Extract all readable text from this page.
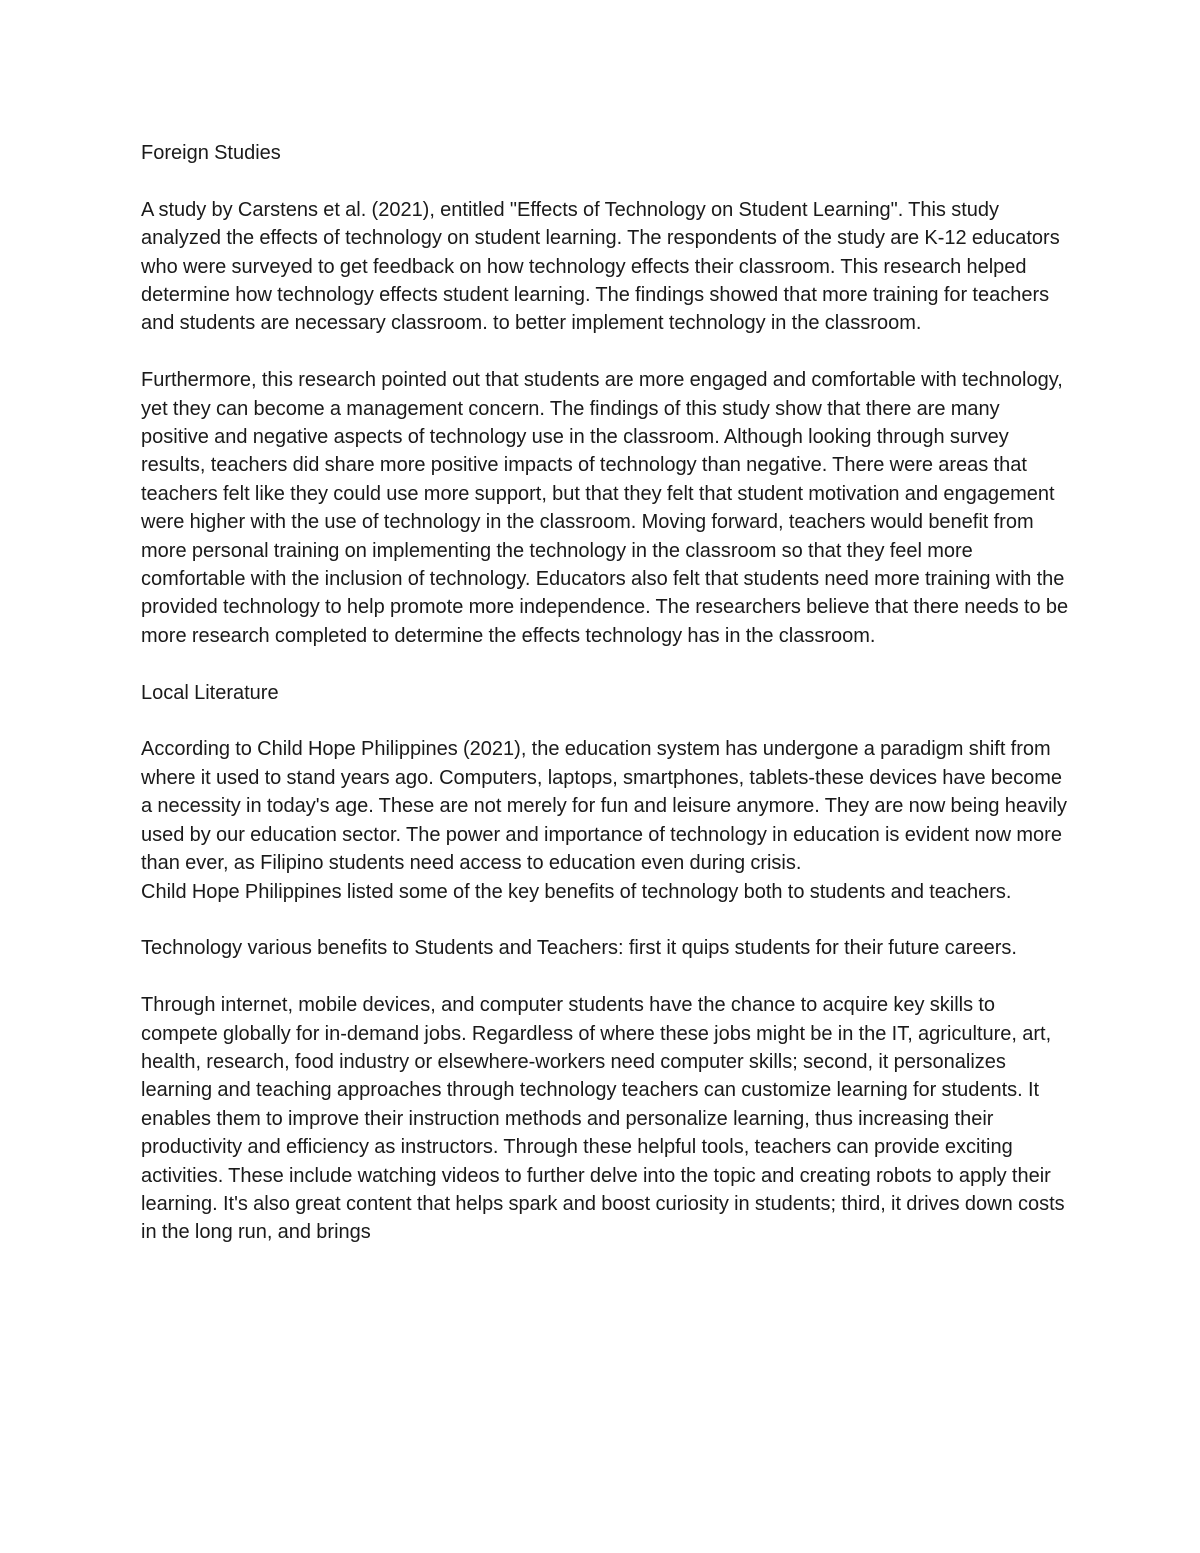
Foreign Studies

A study by Carstens et al. (2021), entitled "Effects of Technology on Student Learning". This study analyzed the effects of technology on student learning. The respondents of the study are K-12 educators who were surveyed to get feedback on how technology effects their classroom. This research helped determine how technology effects student learning. The findings showed that more training for teachers and students are necessary classroom. to better implement technology in the classroom.

Furthermore, this research pointed out that students are more engaged and comfortable with technology, yet they can become a management concern. The findings of this study show that there are many positive and negative aspects of technology use in the classroom. Although looking through survey results, teachers did share more positive impacts of technology than negative. There were areas that teachers felt like they could use more support, but that they felt that student motivation and engagement were higher with the use of technology in the classroom. Moving forward, teachers would benefit from more personal training on implementing the technology in the classroom so that they feel more comfortable with the inclusion of technology. Educators also felt that students need more training with the provided technology to help promote more independence. The researchers believe that there needs to be more research completed to determine the effects technology has in the classroom.

Local Literature

According to Child Hope Philippines (2021), the education system has undergone a paradigm shift from where it used to stand years ago. Computers, laptops, smartphones, tablets-these devices have become a necessity in today's age. These are not merely for fun and leisure anymore. They are now being heavily used by our education sector. The power and importance of technology in education is evident now more than ever, as Filipino students need access to education even during crisis.

Child Hope Philippines listed some of the key benefits of technology both to students and teachers.

Technology various benefits to Students and Teachers: first it quips students for their future careers.

Through internet, mobile devices, and computer students have the chance to acquire key skills to compete globally for in-demand jobs. Regardless of where these jobs might be in the IT, agriculture, art, health, research, food industry or elsewhere-workers need computer skills; second, it personalizes learning and teaching approaches through technology teachers can customize learning for students. It enables them to improve their instruction methods and personalize learning, thus increasing their productivity and efficiency as instructors. Through these helpful tools, teachers can provide exciting activities. These include watching videos to further delve into the topic and creating robots to apply their learning. It's also great content that helps spark and boost curiosity in students; third, it drives down costs in the long run, and brings
